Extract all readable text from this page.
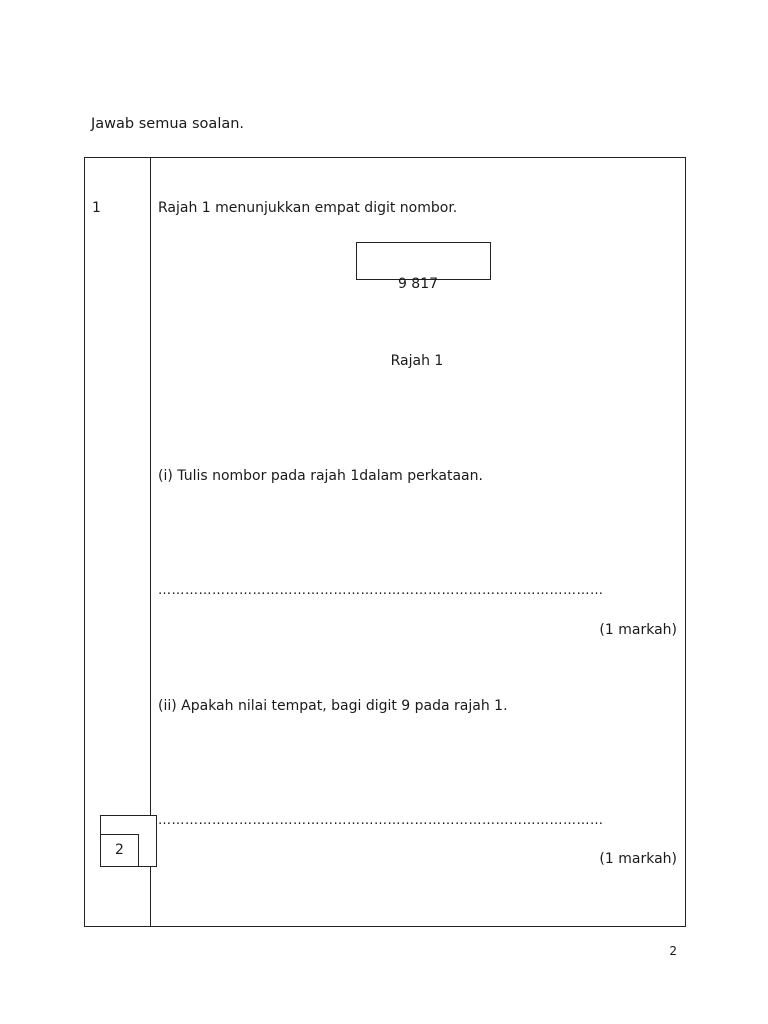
Jawab semua soalan.
1	Rajah 1 menunjukkan empat digit nombor.
9 817
Rajah 1
(i) Tulis nombor pada rajah 1dalam perkataan.
………………………………………………………………………………………
(1 markah)
(ii) Apakah nilai tempat, bagi digit 9 pada rajah 1.
………………………………………………………………………………………
(1 markah)
2
2
